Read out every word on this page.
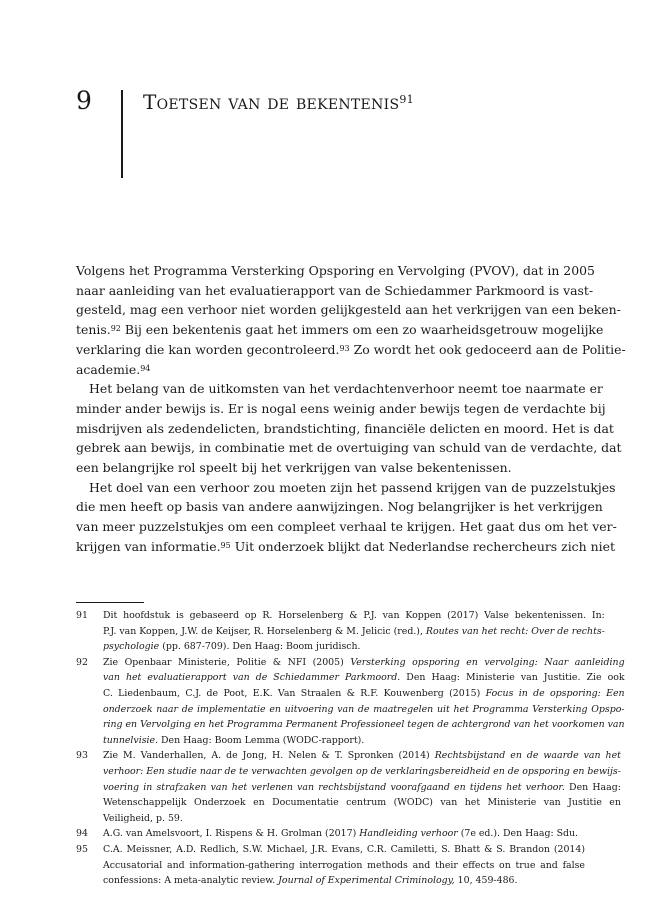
9	Toetsen van de bekentenis$^{91}$
Volgens het Programma Versterking Opsporing en Vervolging (PVOV), dat in 2005
naar aanleiding van het evaluatierapport van de Schiedammer Parkmoord is vast-
gesteld, mag een verhoor niet worden gelijkgesteld aan het verkrijgen van een beken-
tenis.$^{92}$ Bij een bekentenis gaat het immers om een zo waarheidsgetrouw mogelijke
verklaring die kan worden gecontroleerd.$^{93}$ Zo wordt het ook gedoceerd aan de Politie-
academie.$^{94}$
Het belang van de uitkomsten van het verdachtenverhoor neemt toe naarmate er
minder ander bewijs is. Er is nogal eens weinig ander bewijs tegen de verdachte bij
misdrijven als zedendelicten, brandstichting, financiële delicten en moord. Het is dat
gebrek aan bewijs, in combinatie met de overtuiging van schuld van de verdachte, dat
een belangrijke rol speelt bij het verkrijgen van valse bekentenissen.
Het doel van een verhoor zou moeten zijn het passend krijgen van de puzzelstukjes
die men heeft op basis van andere aanwijzingen. Nog belangrijker is het verkrijgen
van meer puzzelstukjes om een compleet verhaal te krijgen. Het gaat dus om het ver-
krijgen van informatie.$^{95}$ Uit onderzoek blijkt dat Nederlandse rechercheurs zich niet
91	Dit hoofdstuk is gebaseerd op R. Horselenberg & P.J. van Koppen (2017) Valse bekentenissen. In:
P.J. van Koppen, J.W. de Keijser, R. Horselenberg & M. Jelicic (red.), Routes van het recht: Over de rechts-
psychologie (pp. 687-709). Den Haag: Boom juridisch.
92	Zie Openbaar Ministerie, Politie & NFI (2005) Versterking opsporing en vervolging: Naar aanleiding
van het evaluatierapport van de Schiedammer Parkmoord. Den Haag: Ministerie van Justitie. Zie ook
C. Liedenbaum, C.J. de Poot, E.K. Van Straalen & R.F. Kouwenberg (2015) Focus in de opsporing: Een
onderzoek naar de implementatie en uitvoering van de maatregelen uit het Programma Versterking Opspo-
ring en Vervolging en het Programma Permanent Professioneel tegen de achtergrond van het voorkomen van
tunnelvisie. Den Haag: Boom Lemma (WODC-rapport).
93	Zie M. Vanderhallen, A. de Jong, H. Nelen & T. Spronken (2014) Rechtsbijstand en de waarde van het
verhoor: Een studie naar de te verwachten gevolgen op de verklaringsbereidheid en de opsporing en bewijs-
voering in strafzaken van het verlenen van rechtsbijstand voorafgaand en tijdens het verhoor. Den Haag:
Wetenschappelijk Onderzoek en Documentatie centrum (WODC) van het Ministerie van Justitie en
Veiligheid, p. 59.
94	A.G. van Amelsvoort, I. Rispens & H. Grolman (2017) Handleiding verhoor (7e ed.). Den Haag: Sdu.
95	C.A. Meissner, A.D. Redlich, S.W. Michael, J.R. Evans, C.R. Camiletti, S. Bhatt & S. Brandon (2014)
Accusatorial and information-gathering interrogation methods and their effects on true and false
confessions: A meta-analytic review. Journal of Experimental Criminology, 10, 459-486.
